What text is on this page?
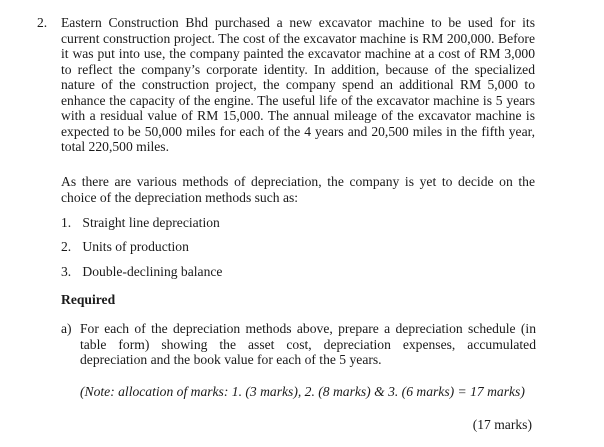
2. Eastern Construction Bhd purchased a new excavator machine to be used for its current construction project. The cost of the excavator machine is RM 200,000. Before it was put into use, the company painted the excavator machine at a cost of RM 3,000 to reflect the company’s corporate identity. In addition, because of the specialized nature of the construction project, the company spend an additional RM 5,000 to enhance the capacity of the engine. The useful life of the excavator machine is 5 years with a residual value of RM 15,000. The annual mileage of the excavator machine is expected to be 50,000 miles for each of the 4 years and 20,500 miles in the fifth year, total 220,500 miles.
As there are various methods of depreciation, the company is yet to decide on the choice of the depreciation methods such as:
1. Straight line depreciation
2. Units of production
3. Double-declining balance
Required
a) For each of the depreciation methods above, prepare a depreciation schedule (in table form) showing the asset cost, depreciation expenses, accumulated depreciation and the book value for each of the 5 years.
(Note: allocation of marks: 1. (3 marks), 2. (8 marks) & 3. (6 marks) = 17 marks)
(17 marks)
